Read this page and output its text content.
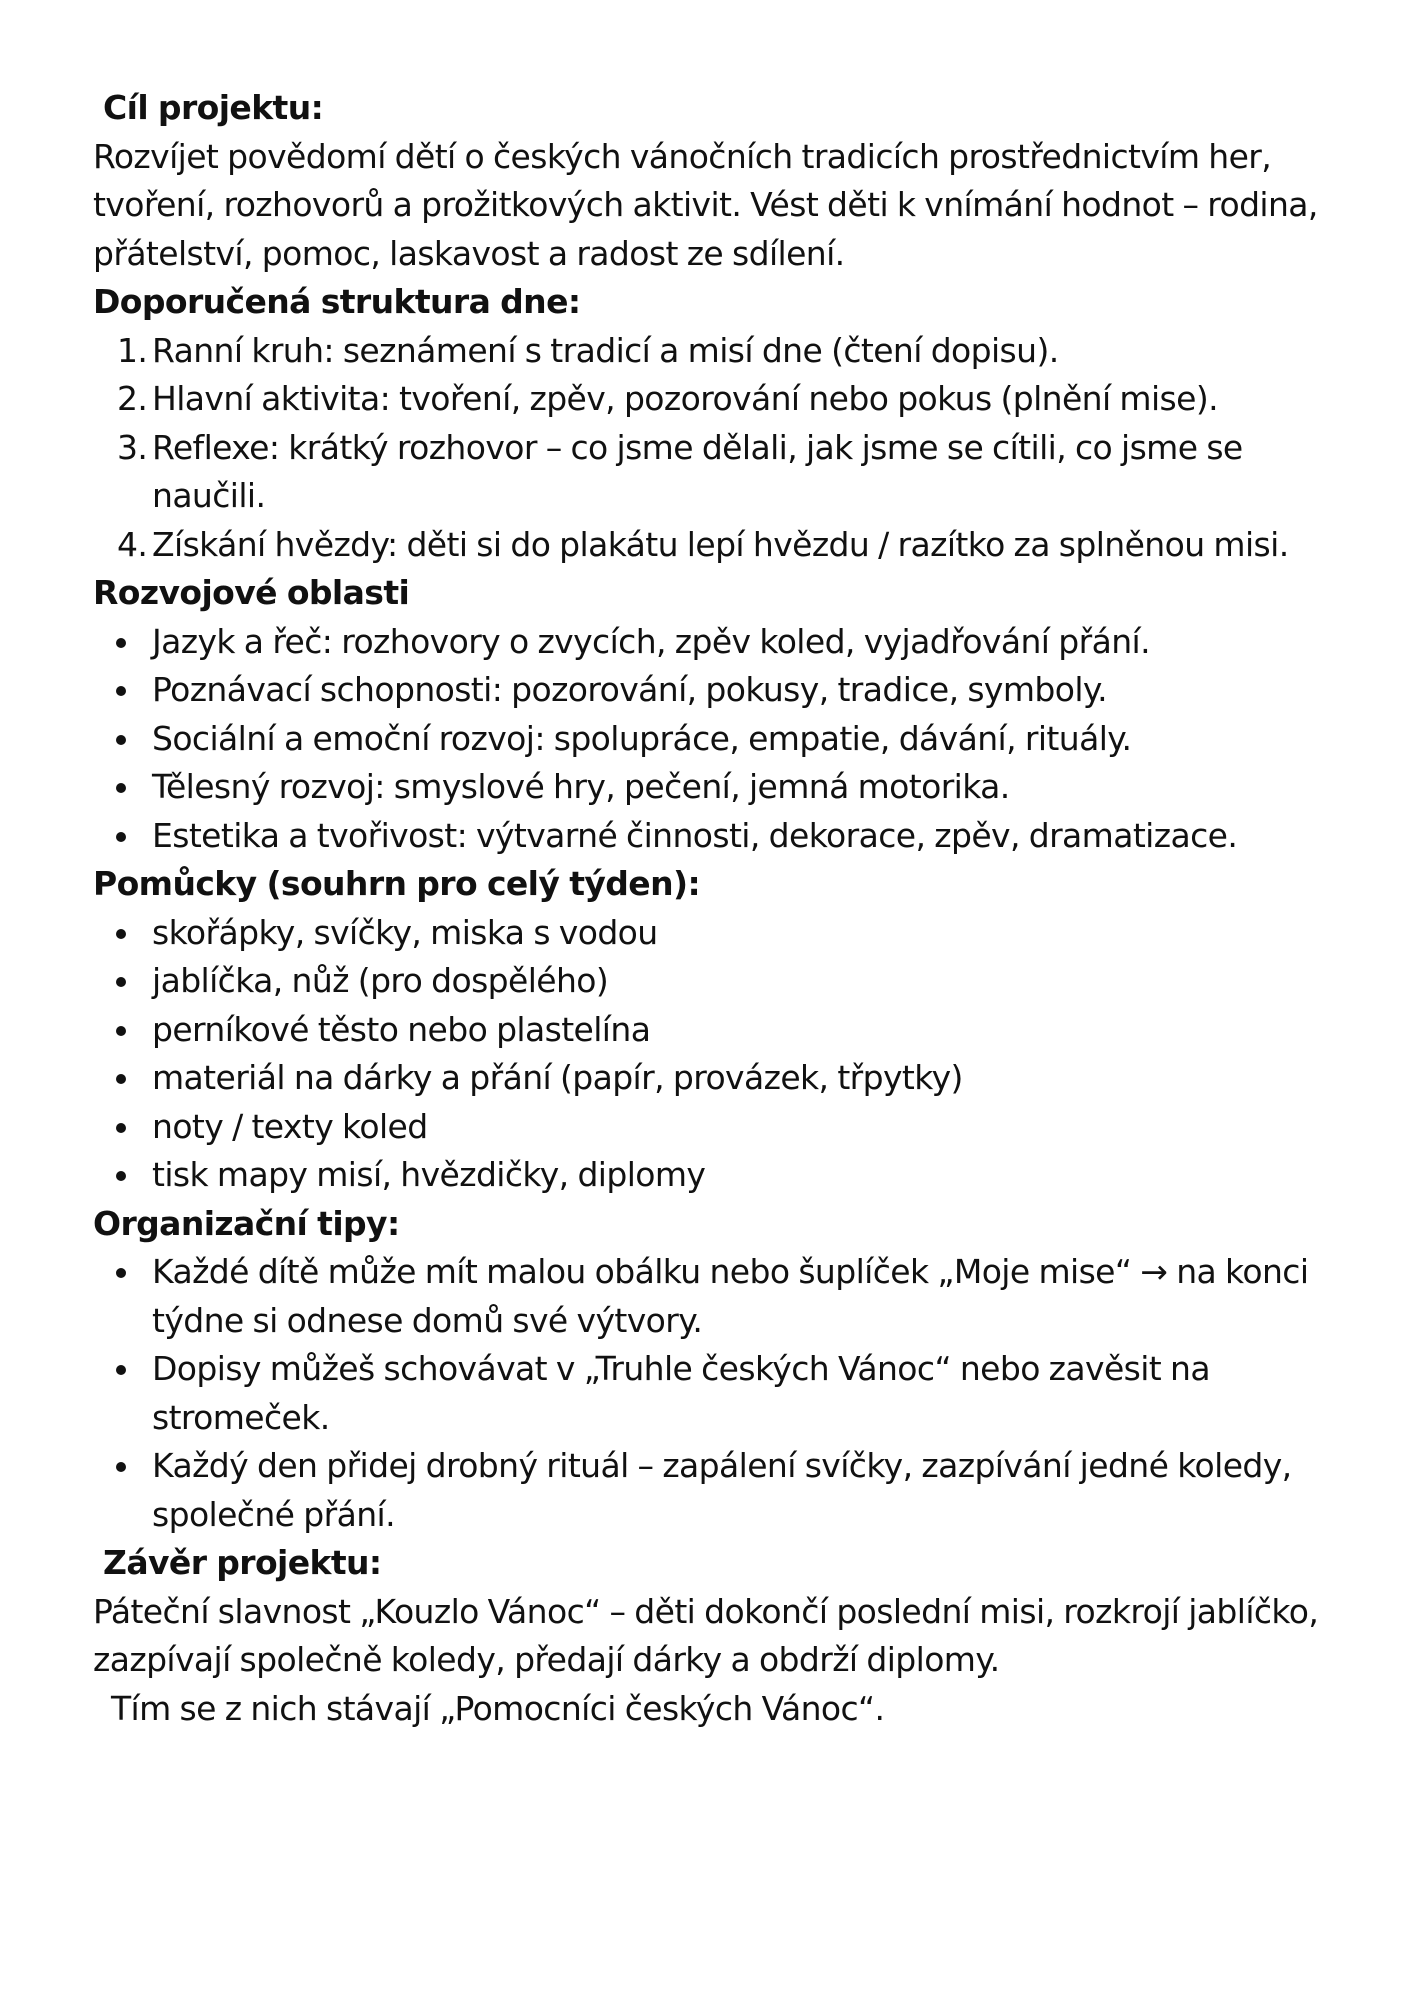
Cíl projektu:

Rozvíjet povědomí dětí o českých vánočních tradicích prostřednictvím her, tvoření, rozhovorů a prožitkových aktivit. Vést děti k vnímání hodnot – rodina, přátelství, pomoc, laskavost a radost ze sdílení.

Doporučená struktura dne:
1. Ranní kruh: seznámení s tradicí a misí dne (čtení dopisu).
2. Hlavní aktivita: tvoření, zpěv, pozorování nebo pokus (plnění mise).
3. Reflexe: krátký rozhovor – co jsme dělali, jak jsme se cítili, co jsme se naučili.
4. Získání hvězdy: děti si do plakátu lepí hvězdu / razítko za splněnou misi.
Rozvojové oblasti
Jazyk a řeč: rozhovory o zvycích, zpěv koled, vyjadřování přání.
Poznávací schopnosti: pozorování, pokusy, tradice, symboly.
Sociální a emoční rozvoj: spolupráce, empatie, dávání, rituály.
Tělesný rozvoj: smyslové hry, pečení, jemná motorika.
Estetika a tvořivost: výtvarné činnosti, dekorace, zpěv, dramatizace.
Pomůcky (souhrn pro celý týden):
skořápky, svíčky, miska s vodou
jablíčka, nůž (pro dospělého)
perníkové těsto nebo plastelína
materiál na dárky a přání (papír, provázek, třpytky)
noty / texty koled
tisk mapy misí, hvězdičky, diplomy
Organizační tipy:
Každé dítě může mít malou obálku nebo šuplíček „Moje mise“ → na konci týdne si odnese domů své výtvory.
Dopisy můžeš schovávat v „Truhle českých Vánoc“ nebo zavěsit na stromeček.
Každý den přidej drobný rituál – zapálení svíčky, zazpívání jedné koledy, společné přání.
Závěr projektu:

Páteční slavnost „Kouzlo Vánoc“ – děti dokončí poslední misi, rozkrojí jablíčko, zazpívají společně koledy, předají dárky a obdrží diplomy.

Tím se z nich stávají „Pomocníci českých Vánoc“.
